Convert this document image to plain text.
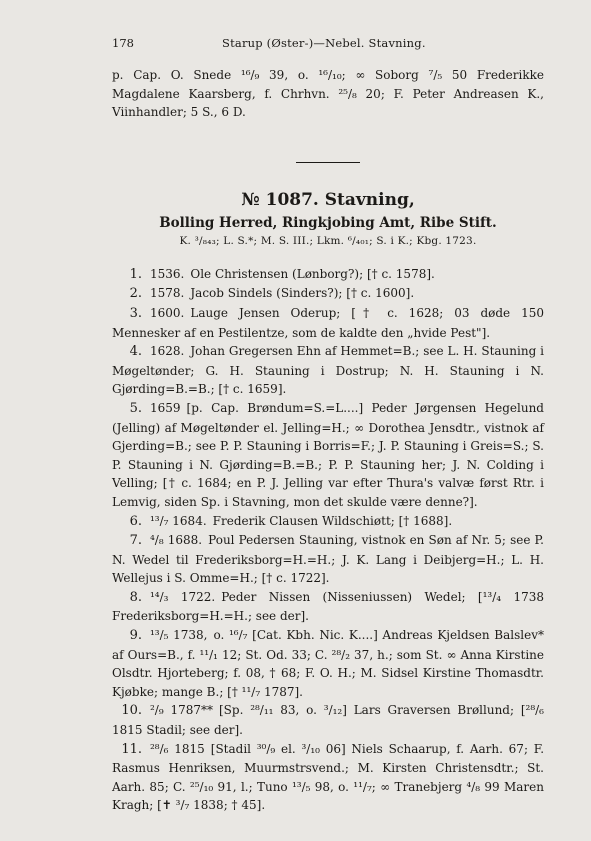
178	Starup (Øster-)—Nebel. Stavning.

p. Cap. O. Snede ¹⁶/₉ 39, o. ¹⁶/₁₀; ∞ Soborg ⁷/₅ 50 Frederikke Magdalene Kaarsberg, f. Chrhvn. ²⁵/₈ 20; F. Peter Andreasen K., Viinhandler; 5 S., 6 D.

№ 1087. Stavning,
Bolling Herred, Ringkjobing Amt, Ribe Stift.
K. ³/₈₄₃; L. S.*; M. S. III.; Lkm. ⁶/₄₀₁; S. i K.; Kbg. 1723.

1. 1536. Ole Christensen (Lønborg?); [† c. 1578].

2. 1578. Jacob Sindels (Sinders?); [† c. 1600].

3. 1600. Lauge Jensen Oderup; [† c. 1628; 03 døde 150 Mennesker af en Pestilentze, som de kaldte den „hvide Pest"].

4. 1628. Johan Gregersen Ehn af Hemmet=B.; see L. H. Stauning i Møgeltønder; G. H. Stauning i Dostrup; N. H. Stauning i N. Gjørding=B.=B.; [† c. 1659].

5. 1659 [p. Cap. Brøndum=S.=L....] Peder Jørgensen Hegelund (Jelling) af Møgeltønder el. Jelling=H.; ∞ Dorothea Jensdtr., vistnok af Gjerding=B.; see P. P. Stauning i Borris=F.; J. P. Stauning i Greis=S.; S. P. Stauning i N. Gjørding=B.=B.; P. P. Stauning her; J. N. Colding i Velling; [† c. 1684; en P. J. Jelling var efter Thura's valvæ først Rtr. i Lemvig, siden Sp. i Stavning, mon det skulde være denne?].

6. ¹³/₇ 1684. Frederik Clausen Wildschiøtt; [† 1688].

7. ⁴/₈ 1688. Poul Pedersen Stauning, vistnok en Søn af Nr. 5; see P. N. Wedel til Frederiksborg=H.=H.; J. K. Lang i Deibjerg=H.; L. H. Wellejus i S. Omme=H.; [† c. 1722].

8. ¹⁴/₃ 1722. Peder Nissen (Nisseniussen) Wedel; [¹³/₄ 1738 Frederiksborg=H.=H.; see der].

9. ¹³/₅ 1738, o. ¹⁶/₇ [Cat. Kbh. Nic. K....] Andreas Kjeldsen Balslev* af Ours=B., f. ¹¹/₁ 12; St. Od. 33; C. ²⁸/₂ 37, h.; som St. ∞ Anna Kirstine Olsdtr. Hjorteberg; f. 08, † 68; F. O. H.; M. Sidsel Kirstine Thomasdtr. Kjøbke; mange B.; [† ¹¹/₇ 1787].

10. ²/₉ 1787** [Sp. ²⁸/₁₁ 83, o. ³/₁₂] Lars Graversen Brøllund; [²⁸/₆ 1815 Stadil; see der].

11. ²⁸/₆ 1815 [Stadil ³⁰/₉ el. ³/₁₀ 06] Niels Schaarup, f. Aarh. 67; F. Rasmus Henriksen, Muurmstrsvend.; M. Kirsten Christensdtr.; St. Aarh. 85; C. ²⁵/₁₀ 91, l.; Tuno ¹³/₅ 98, o. ¹¹/₇; ∞ Tranebjerg ⁴/₈ 99 Maren Kragh; [✝ ³/₇ 1838; † 45].
